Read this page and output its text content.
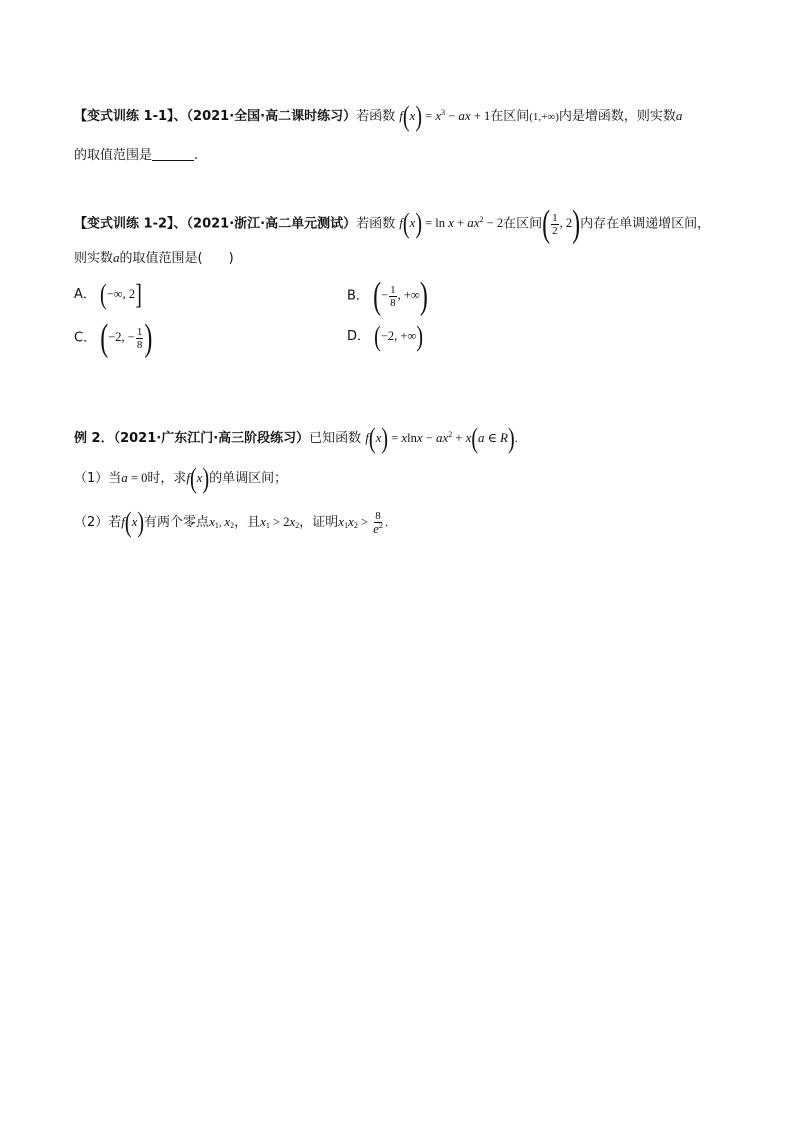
【变式训练 1-1】、（2021·全国·高二课时练习）若函数 $f(x) = x^3$ − ax + 1在区间(1,+∞)内是增函数，则实数a
的取值范围是	.
【变式训练 1-2】、（2021·浙江·高二单元测试）若函数 $f(x) = \ln x + ax^2 - 2$在区间( $\frac{1}{2}$ , 2)内存在单调递增区间，
则实数a的取值范围是(　　)
A． (−∞, 2]	B． (− $\frac{1}{8}$ , +∞)
C． (−2, − $\frac{1}{8}$ )	D． (−2, +∞)
例 2．（2021·广东江门·高三阶段练习）已知函数 $f(x) = xlnx - ax^2 + x(a$ ∈ R).
（1）当a = 0时，求f(x)的单调区间；
（2）若f(x)有两个零点$x_1$, $x_2$，且$x_1 > 2x_2$，证明$x_1x_2 > \frac{8}{e^2}$ .
